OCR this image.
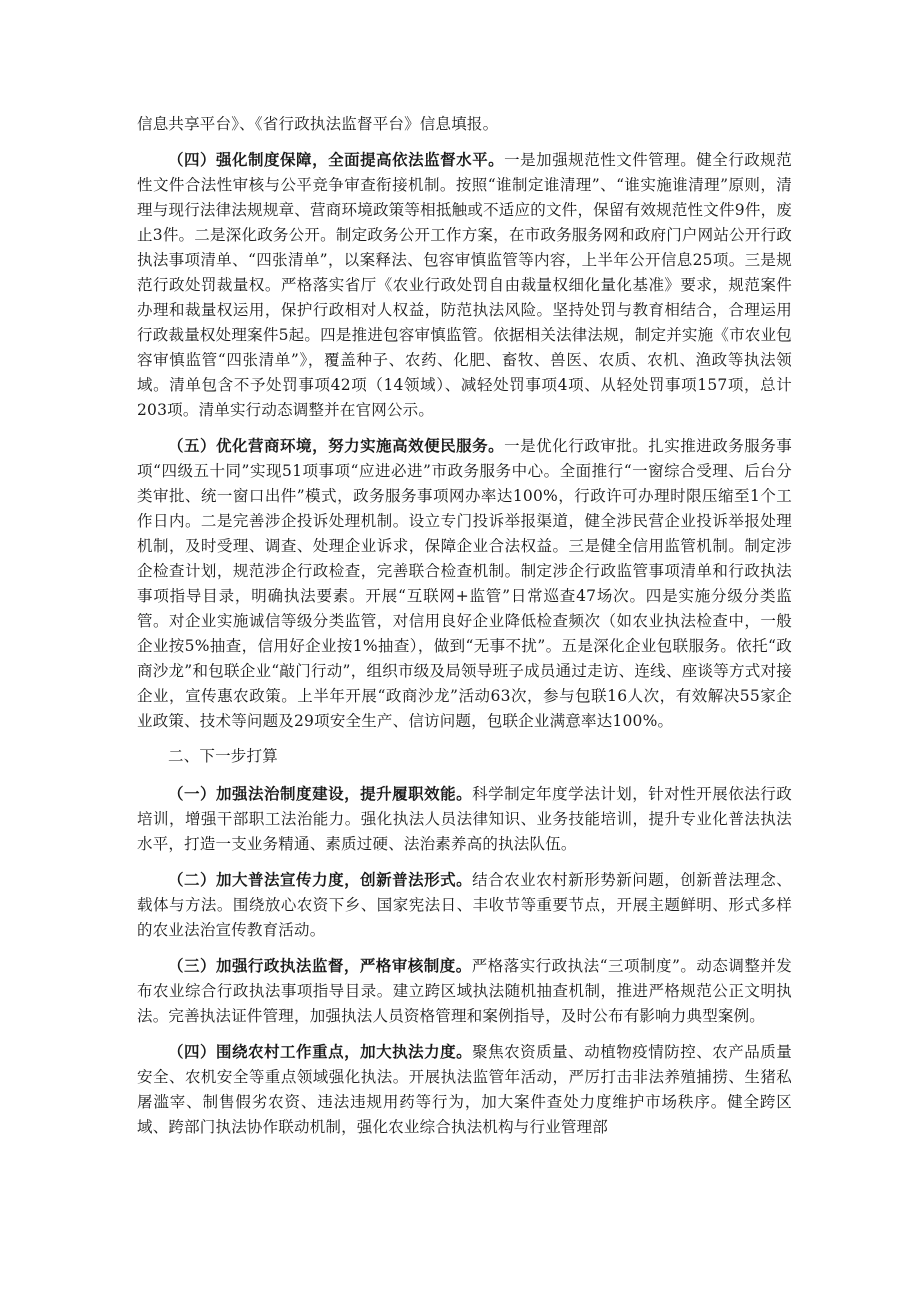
信息共享平台》、《省行政执法监督平台》信息填报。

（四）强化制度保障，全面提高依法监督水平。一是加强规范性文件管理。健全行政规范性文件合法性审核与公平竞争审查衔接机制。按照“谁制定谁清理”、“谁实施谁清理”原则，清理与现行法律法规规章、营商环境政策等相抵触或不适应的文件，保留有效规范性文件9件，废止3件。二是深化政务公开。制定政务公开工作方案，在市政务服务网和政府门户网站公开行政执法事项清单、“四张清单”，以案释法、包容审慎监管等内容，上半年公开信息25项。三是规范行政处罚裁量权。严格落实省厅《农业行政处罚自由裁量权细化量化基准》要求，规范案件办理和裁量权运用，保护行政相对人权益，防范执法风险。坚持处罚与教育相结合，合理运用行政裁量权处理案件5起。四是推进包容审慎监管。依据相关法律法规，制定并实施《市农业包容审慎监管“四张清单”》，覆盖种子、农药、化肥、畜牧、兽医、农质、农机、渔政等执法领域。清单包含不予处罚事项42项（14领域）、减轻处罚事项4项、从轻处罚事项157项，总计203项。清单实行动态调整并在官网公示。

（五）优化营商环境，努力实施高效便民服务。一是优化行政审批。扎实推进政务服务事项“四级五十同”实现51项事项“应进必进”市政务服务中心。全面推行“一窗综合受理、后台分类审批、统一窗口出件”模式，政务服务事项网办率达100%，行政许可办理时限压缩至1个工作日内。二是完善涉企投诉处理机制。设立专门投诉举报渠道，健全涉民营企业投诉举报处理机制，及时受理、调查、处理企业诉求，保障企业合法权益。三是健全信用监管机制。制定涉企检查计划，规范涉企行政检查，完善联合检查机制。制定涉企行政监管事项清单和行政执法事项指导目录，明确执法要素。开展“互联网+监管”日常巡查47场次。四是实施分级分类监管。对企业实施诚信等级分类监管，对信用良好企业降低检查频次（如农业执法检查中，一般企业按5%抽查，信用好企业按1%抽查），做到“无事不扰”。五是深化企业包联服务。依托“政商沙龙”和包联企业“敲门行动”，组织市级及局领导班子成员通过走访、连线、座谈等方式对接企业，宣传惠农政策。上半年开展“政商沙龙”活动63次，参与包联16人次，有效解决55家企业政策、技术等问题及29项安全生产、信访问题，包联企业满意率达100%。

二、下一步打算

（一）加强法治制度建设，提升履职效能。科学制定年度学法计划，针对性开展依法行政培训，增强干部职工法治能力。强化执法人员法律知识、业务技能培训，提升专业化普法执法水平，打造一支业务精通、素质过硬、法治素养高的执法队伍。

（二）加大普法宣传力度，创新普法形式。结合农业农村新形势新问题，创新普法理念、载体与方法。围绕放心农资下乡、国家宪法日、丰收节等重要节点，开展主题鲜明、形式多样的农业法治宣传教育活动。

（三）加强行政执法监督，严格审核制度。严格落实行政执法“三项制度”。动态调整并发布农业综合行政执法事项指导目录。建立跨区域执法随机抽查机制，推进严格规范公正文明执法。完善执法证件管理，加强执法人员资格管理和案例指导，及时公布有影响力典型案例。

（四）围绕农村工作重点，加大执法力度。聚焦农资质量、动植物疫情防控、农产品质量安全、农机安全等重点领域强化执法。开展执法监管年活动，严厉打击非法养殖捕捞、生猪私屠滥宰、制售假劣农资、违法违规用药等行为，加大案件查处力度维护市场秩序。健全跨区域、跨部门执法协作联动机制，强化农业综合执法机构与行业管理部
